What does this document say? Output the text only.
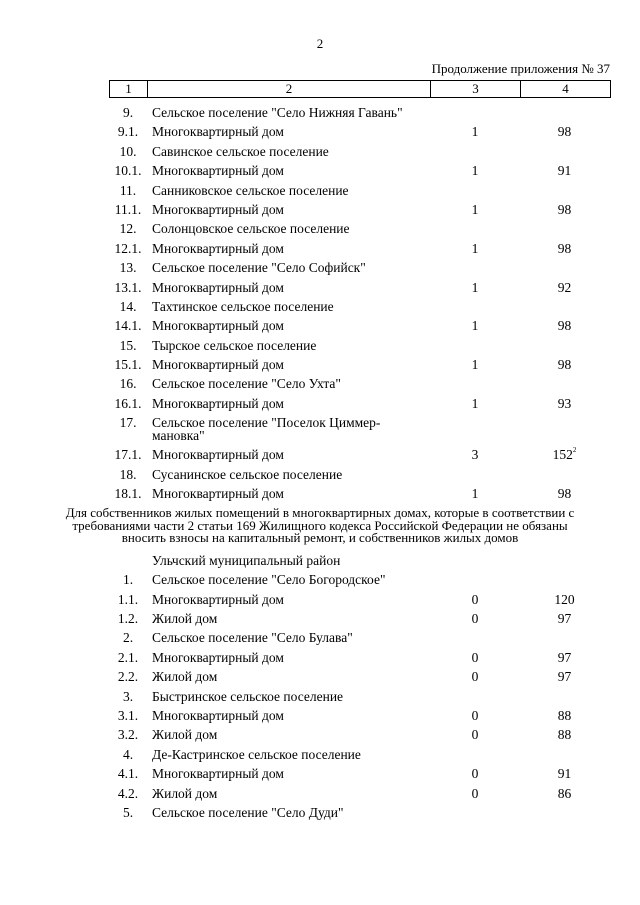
2
Продолжение приложения № 37
1	2	3	4
9.	Сельское поселение "Село Нижняя Гавань"
9.1.	Многоквартирный дом	1	98
10.	Савинское сельское поселение
10.1. Многоквартирный дом	1	91
11.	Санниковское сельское поселение
11.1. Многоквартирный дом	1	98
12.	Солонцовское сельское поселение
12.1. Многоквартирный дом	1	98
13.	Сельское поселение "Село Софийск"
13.1. Многоквартирный дом	1	92
14.	Тахтинское сельское поселение
14.1. Многоквартирный дом	1	98
15.	Тырское сельское поселение
15.1. Многоквартирный дом	1	98
16.	Сельское поселение "Село Ухта"
16.1. Многоквартирный дом	1	93
17.	Сельское поселение "Поселок Циммер-
мановка"
17.1. Многоквартирный дом	3	$152^2$
18.	Сусанинское сельское поселение
18.1. Многоквартирный дом	1	98
Для собственников жилых помещений в многоквартирных домах, которые в соответствии с требованиями части 2 статьи 169 Жилищного кодекса Российской Федерации не обязаны вносить взносы на капитальный ремонт, и собственников жилых домов
Ульчский муниципальный район
1.	Сельское поселение "Село Богородское"
1.1.	Многоквартирный дом	0	120
1.2.	Жилой дом	0	97
2.	Сельское поселение "Село Булава"
2.1.	Многоквартирный дом	0	97
2.2.	Жилой дом	0	97
3.	Быстринское сельское поселение
3.1.	Многоквартирный дом	0	88
3.2.	Жилой дом	0	88
4.	Де-Кастринское сельское поселение
4.1.	Многоквартирный дом	0	91
4.2.	Жилой дом	0	86
5.	Сельское поселение "Село Дуди"
